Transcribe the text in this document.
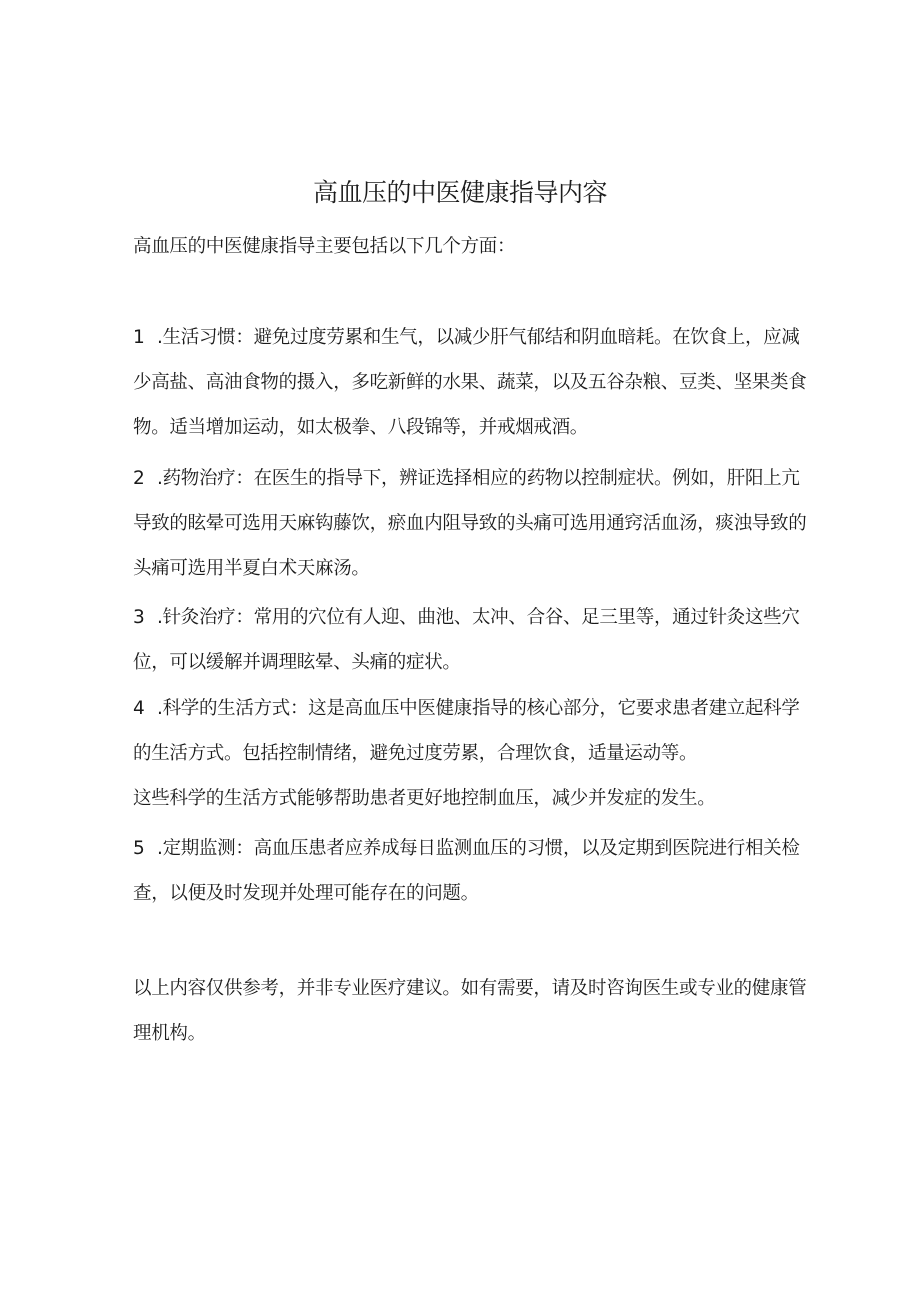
高血压的中医健康指导内容
高血压的中医健康指导主要包括以下几个方面：
1 .生活习惯：避免过度劳累和生气，以减少肝气郁结和阴血暗耗。在饮食上，应减少高盐、高油食物的摄入，多吃新鲜的水果、蔬菜，以及五谷杂粮、豆类、坚果类食物。适当增加运动，如太极拳、八段锦等，并戒烟戒酒。
2 .药物治疗：在医生的指导下，辨证选择相应的药物以控制症状。例如，肝阳上亢导致的眩晕可选用天麻钩藤饮，瘀血内阻导致的头痛可选用通窍活血汤，痰浊导致的头痛可选用半夏白术天麻汤。
3 .针灸治疗：常用的穴位有人迎、曲池、太冲、合谷、足三里等，通过针灸这些穴位，可以缓解并调理眩晕、头痛的症状。
4 .科学的生活方式：这是高血压中医健康指导的核心部分，它要求患者建立起科学的生活方式。包括控制情绪，避免过度劳累，合理饮食，适量运动等。
这些科学的生活方式能够帮助患者更好地控制血压，减少并发症的发生。
5 .定期监测：高血压患者应养成每日监测血压的习惯，以及定期到医院进行相关检查，以便及时发现并处理可能存在的问题。
以上内容仅供参考，并非专业医疗建议。如有需要，请及时咨询医生或专业的健康管理机构。
